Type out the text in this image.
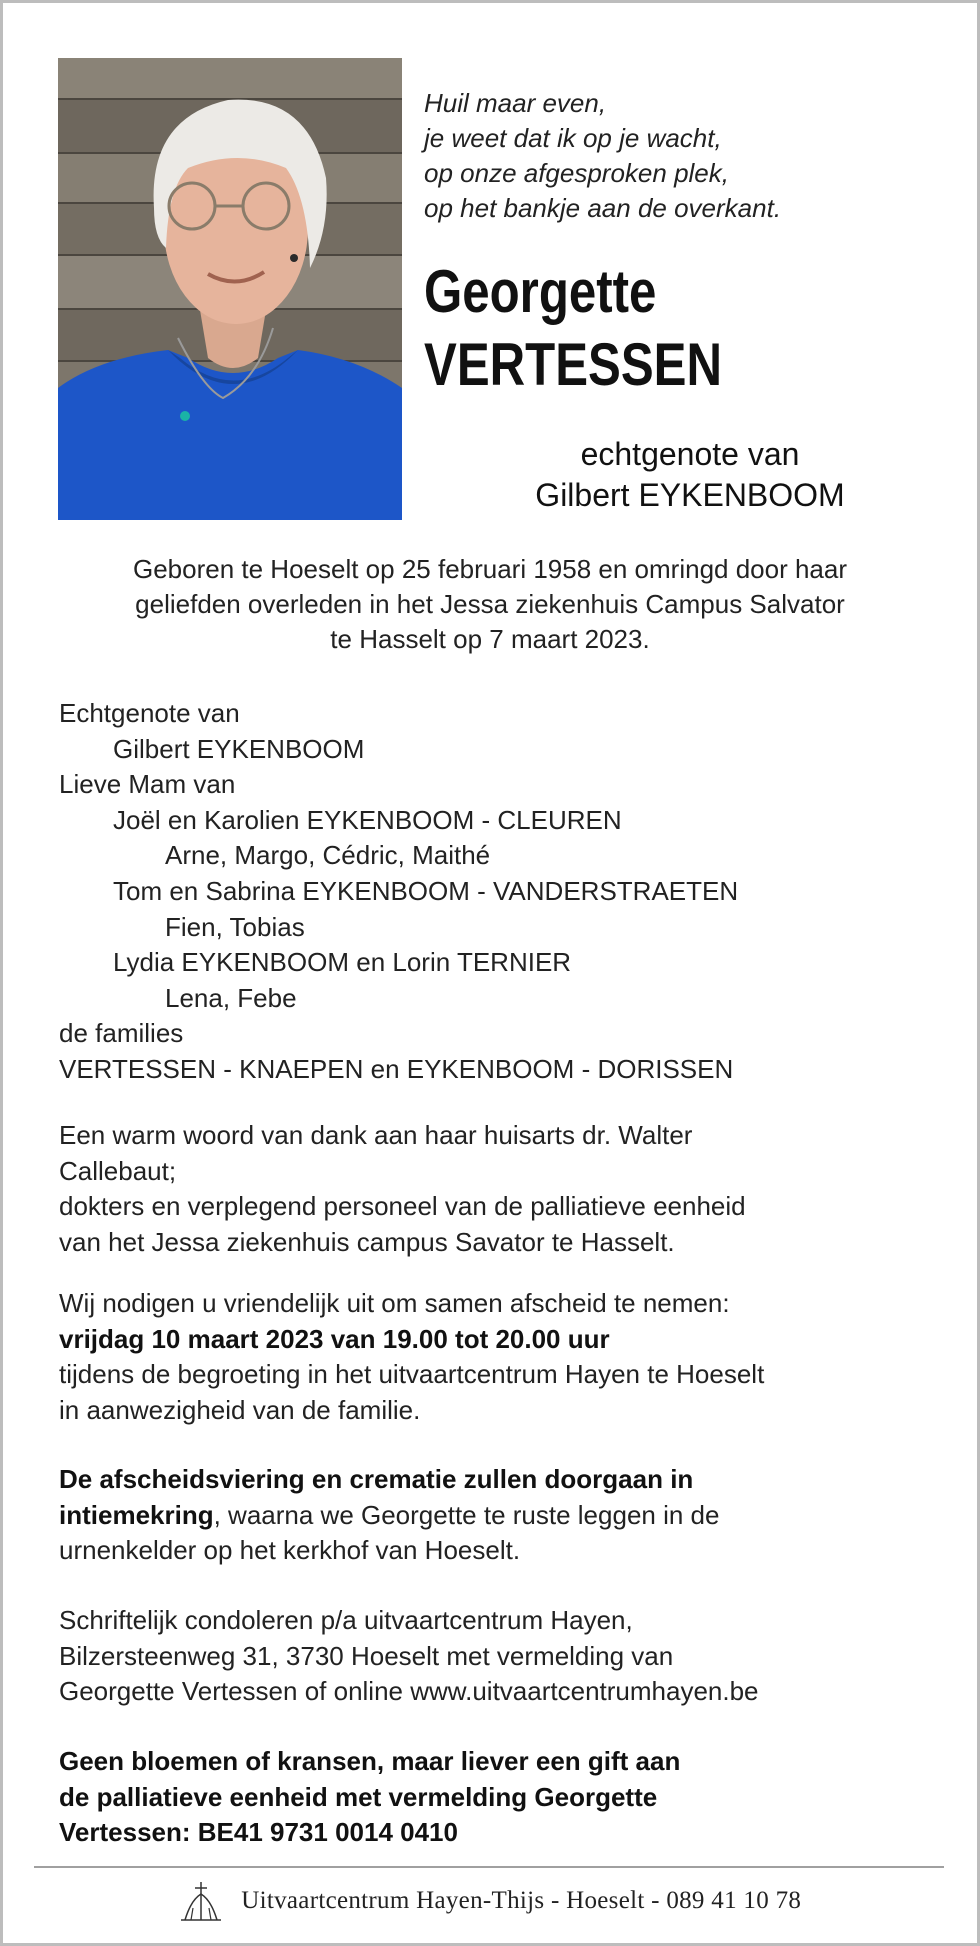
Huil maar even,
je weet dat ik op je wacht,
op onze afgesproken plek,
op het bankje aan de overkant.
Georgette
VERTESSEN
echtgenote van
Gilbert EYKENBOOM
Geboren te Hoeselt op 25 februari 1958 en omringd door haar
geliefden overleden in het Jessa ziekenhuis Campus Salvator
te Hasselt op 7 maart 2023.
Echtgenote van
Gilbert EYKENBOOM
Lieve Mam van
Joël en Karolien EYKENBOOM - CLEUREN
Arne, Margo, Cédric, Maithé
Tom en Sabrina EYKENBOOM - VANDERSTRAETEN
Fien, Tobias
Lydia EYKENBOOM en Lorin TERNIER
Lena, Febe
de families
VERTESSEN - KNAEPEN en EYKENBOOM - DORISSEN
Een warm woord van dank aan haar huisarts dr. Walter
Callebaut;
dokters en verplegend personeel van de palliatieve eenheid
van het Jessa ziekenhuis campus Savator te Hasselt.
Wij nodigen u vriendelijk uit om samen afscheid te nemen:
vrijdag 10 maart 2023 van 19.00 tot 20.00 uur
tijdens de begroeting in het uitvaartcentrum Hayen te Hoeselt
in aanwezigheid van de familie.
De afscheidsviering en crematie zullen doorgaan in
intiemekring, waarna we Georgette te ruste leggen in de
urnenkelder op het kerkhof van Hoeselt.
Schriftelijk condoleren p/a uitvaartcentrum Hayen,
Bilzersteenweg 31, 3730 Hoeselt met vermelding van
Georgette Vertessen of online www.uitvaartcentrumhayen.be
Geen bloemen of kransen, maar liever een gift aan
de palliatieve eenheid met vermelding Georgette
Vertessen: BE41 9731 0014 0410
Uitvaartcentrum Hayen-Thijs - Hoeselt - 089 41 10 78
